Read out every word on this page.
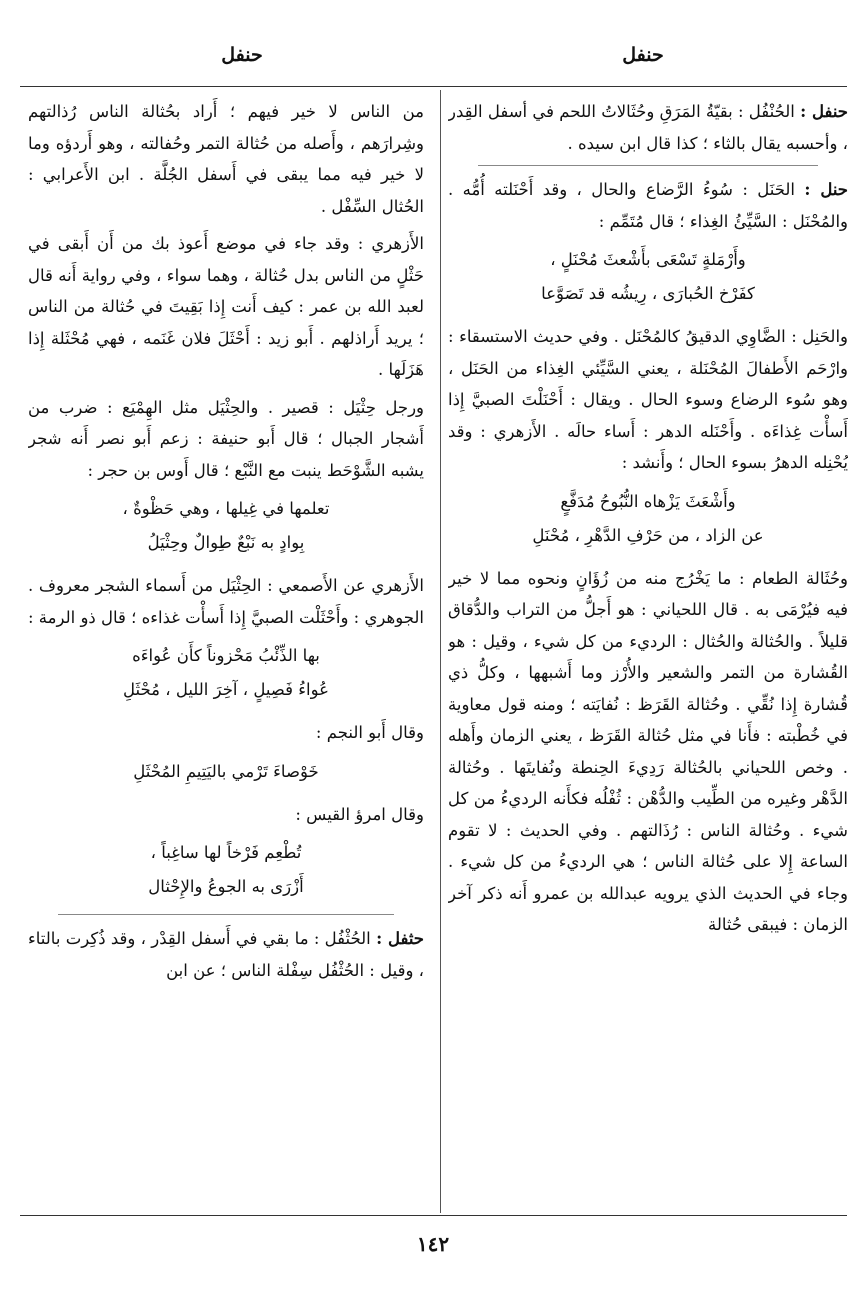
حنفل
حنفل

حنفل : الحُنْفُل : بقيّةُ المَرَقِ وحُثَالاتُ اللحم في أسفل القِدر ، وأحسبه يقال بالثاء ؛ كذا قال ابن سيده .

حنل : الحَنَل : سُوءُ الرَّضاع والحال ، وقد أَحْنَلته أُمُّه . والمُحْنَل : السَّيِّئُ الغِذاء ؛ قال مُتَمِّم :

وأَرْمَلةٍ تَسْعَى بأَشْعثَ مُحْنَلٍ ،
كفَرْخ الحُبارَى ، رِيشُه قد تَصَوَّعا

والحَنِل : الضَّاوِي الدقيقُ كالمُحْنَل . وفي حديث الاستسقاء : وارْحَم الأَطفالَ المُحْنَلة ، يعني السَّيِّئي الغِذاء من الحَنَل ، وهو سُوء الرضاع وسوء الحال . ويقال : أَحْنَلْتَ الصبيَّ إِذا أَسأْت غِذاءَه . وأَحْنَله الدهر : أَساء حالَه . الأَزهري : وقد يُحْنِله الدهرُ بسوء الحال ؛ وأَنشد :

وأَشْعَثَ يَزْهاه النُّبُوحُ مُدَفَّعٍ
عن الزاد ، من حَرْفِ الدَّهْرِ ، مُحْنَلِ

وحُثَالة الطعام : ما يَخْرُج منه من زُؤَانٍ ونحوه مما لا خير فيه فيُرْمَى به . قال اللحياني : هو أَجلُّ من التراب والدُّقاق قليلاً . والحُثالة والحُثال : الرديء من كل شيء ، وقيل : هو القُشارة من التمر والشعير والأُرْز وما أَشبهها ، وكلُّ ذي قُشارة إِذا نُقِّي . وحُثالة القَرَظ : نُفايَته ؛ ومنه قول معاوية في خُطْبته : فأَنا في مثل حُثالة القَرَظ ، يعني الزمان وأَهله . وخص اللحياني بالحُثالة رَدِيءَ الحِنطة ونُفايتَها . وحُثالة الدَّهْر وغيره من الطِّيب والدُّهْن : ثُفْلُه فكأَنه الرديءُ من كل شيء . وحُثالة الناس : رُذَالتهم . وفي الحديث : لا تقوم الساعة إِلا على حُثالة الناس ؛ هي الرديءُ من كل شيء . وجاء في الحديث الذي يرويه عبدالله بن عمرو أَنه ذكر آخر الزمان : فيبقى حُثالة

من الناس لا خير فيهم ؛ أَراد بحُثالة الناس رُذالتهم وشِرارَهم ، وأَصله من حُثالة التمر وحُفالته ، وهو أَردؤه وما لا خير فيه مما يبقى في أَسفل الجُلَّة . ابن الأَعرابي : الحُثال السِّفْل .

الأَزهري : وقد جاء في موضع أَعوذ بك من أَن أَبقى في حَثْلٍ من الناس بدل حُثالة ، وهما سواء ، وفي رواية أَنه قال لعبد الله بن عمر : كيف أَنت إِذا بَقِيتَ في حُثالة من الناس ؛ يريد أَراذلهم . أَبو زيد : أَحْثَلَ فلان غَنَمه ، فهي مُحْثَلة إِذا هَزَلَها .

ورجل حِثْيَل : قصير . والحِثْيَل مثل الهِمْيَع : ضرب من أَشجار الجبال ؛ قال أَبو حنيفة : زعم أَبو نصر أَنه شجر يشبه الشَّوْحَط ينبت مع النَّبْع ؛ قال أَوس بن حجر :

تعلمها في غِيلها ، وهي حَظْوةٌ ،
بِوادٍ به نَبْعٌ طِوالٌ وحِثْيَلُ

الأَزهري عن الأَصمعي : الحِثْيَل من أَسماء الشجر معروف . الجوهري : وأَحْثَلْت الصبيَّ إِذا أَسأْت غذاءه ؛ قال ذو الرمة :

بها الذِّئْبُ مَحْزوناً كأَن عُواءَه
عُواءُ فَصِيلٍ ، آخِرَ الليل ، مُحْثَلِ

وقال أَبو النجم :

خَوْصاءَ تَرْمي باليَتِيمِ المُحْثَلِ

وقال امرؤ القيس :

تُطْعِم فَرْخاً لها ساغِباً ،
أَزْرَى به الجوعُ والإِحْثال

حثفل : الحُثْفُل : ما بقي في أَسفل القِدْر ، وقد ذُكِرت بالتاء ، وقيل : الحُثْفُل سِفْلة الناس ؛ عن ابن

١٤٢
